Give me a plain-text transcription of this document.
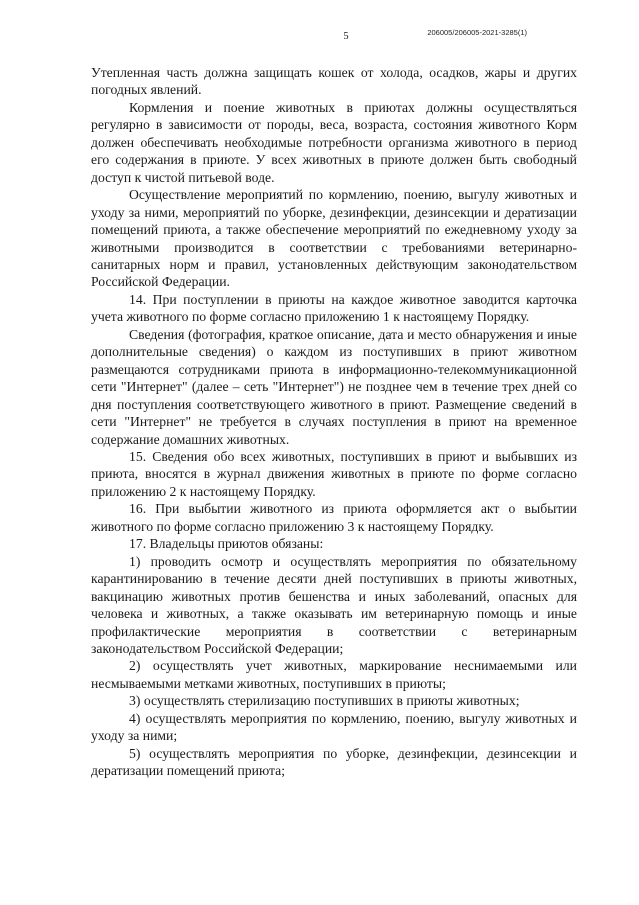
206005/206005-2021-3285(1)
5

Утепленная часть должна защищать кошек от холода, осадков, жары и других погодных явлений.

Кормления и поение животных в приютах должны осуществляться регулярно в зависимости от породы, веса, возраста, состояния животного Корм должен обеспечивать необходимые потребности организма животного в период его содержания в приюте. У всех животных в приюте должен быть свободный доступ к чистой питьевой воде.

Осуществление мероприятий по кормлению, поению, выгулу животных и уходу за ними, мероприятий по уборке, дезинфекции, дезинсекции и дератизации помещений приюта, а также обеспечение мероприятий по ежедневному уходу за животными производится в соответствии с требованиями ветеринарно-санитарных норм и правил, установленных действующим законодательством Российской Федерации.

14. При поступлении в приюты на каждое животное заводится карточка учета животного по форме согласно приложению 1 к настоящему Порядку.

Сведения (фотография, краткое описание, дата и место обнаружения и иные дополнительные сведения) о каждом из поступивших в приют животном размещаются сотрудниками приюта в информационно-телекоммуникационной сети "Интернет" (далее – сеть "Интернет") не позднее чем в течение трех дней со дня поступления соответствующего животного в приют. Размещение сведений в сети "Интернет" не требуется в случаях поступления в приют на временное содержание домашних животных.

15. Сведения обо всех животных, поступивших в приют и выбывших из приюта, вносятся в журнал движения животных в приюте по форме согласно приложению 2 к настоящему Порядку.

16. При выбытии животного из приюта оформляется акт о выбытии животного по форме согласно приложению 3 к настоящему Порядку.

17. Владельцы приютов обязаны:

1) проводить осмотр и осуществлять мероприятия по обязательному карантинированию в течение десяти дней поступивших в приюты животных, вакцинацию животных против бешенства и иных заболеваний, опасных для человека и животных, а также оказывать им ветеринарную помощь и иные профилактические мероприятия в соответствии с ветеринарным законодательством Российской Федерации;

2) осуществлять учет животных, маркирование неснимаемыми или несмываемыми метками животных, поступивших в приюты;

3) осуществлять стерилизацию поступивших в приюты животных;

4) осуществлять мероприятия по кормлению, поению, выгулу животных и уходу за ними;

5) осуществлять мероприятия по уборке, дезинфекции, дезинсекции и дератизации помещений приюта;
